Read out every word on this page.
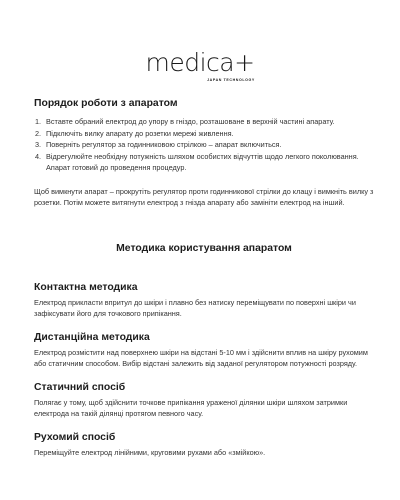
medica+
JAPAN TECHNOLOGY
Порядок роботи з апаратом
1. Вставте обраний електрод до упору в гніздо, розташоване в верхній частині апарату.
2. Підключіть вилку апарату до розетки мережі живлення.
3. Поверніть регулятор за годинниковою стрілкою – апарат включиться.
4. Відрегулюйте необхідну потужність шляхом особистих відчуттів щодо легкого поколювання. Апарат готовий до проведення процедур.

Щоб вимкнути апарат – прокрутіть регулятор проти годинникової стрілки до клацу і вимкніть вилку з розетки. Потім можете витягнути електрод з гнізда апарату або замініти електрод на інший.

Методика користування апаратом
Контактна методика

Електрод прикласти впритул до шкіри і плавно без натиску переміщувати по поверхні шкіри чи зафіксувати його для точкового припікання.

Дистанційна методика

Електрод розмістити над поверхнею шкіри на відстані 5-10 мм і здійснити вплив на шкіру рухомим або статичним способом. Вибір відстані залежить від заданої регулятором потужності розряду.

Статичний спосіб

Полягає у тому, щоб здійснити точкове припікання ураженої ділянки шкіри шляхом затримки електрода на такій ділянці протягом певного часу.

Рухомий спосіб

Переміщуйте електрод лінійними, круговими рухами або «змійкою».
